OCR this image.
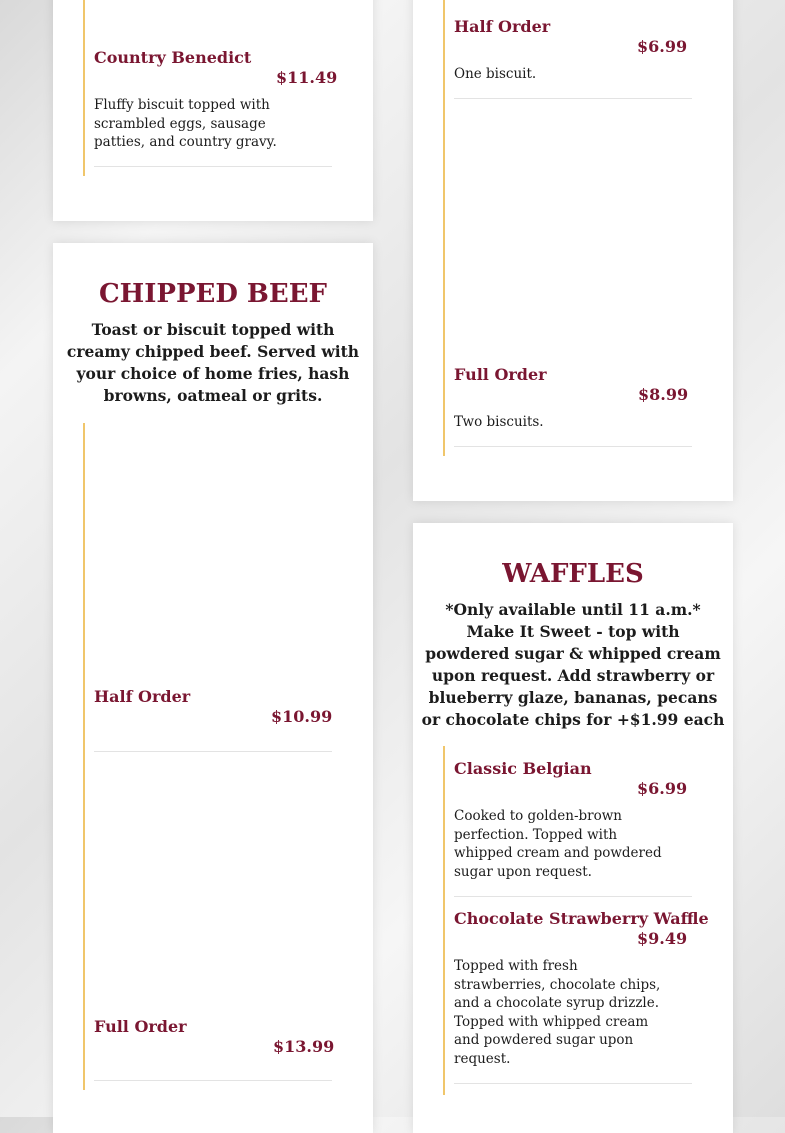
Country Benedict
$11.49
Fluffy biscuit topped with
scrambled eggs, sausage
patties, and country gravy.
CHIPPED BEEF
Toast or biscuit topped with
creamy chipped beef. Served with
your choice of home fries, hash
browns, oatmeal or grits.
Half Order
$10.99
Full Order
$13.99
Half Order
$6.99
One biscuit.
Full Order
$8.99
Two biscuits.
WAFFLES
*Only available until 11 a.m.*
Make It Sweet - top with
powdered sugar & whipped cream
upon request. Add strawberry or
blueberry glaze, bananas, pecans
or chocolate chips for +$1.99 each
Classic Belgian
$6.99
Cooked to golden-brown
perfection. Topped with
whipped cream and powdered
sugar upon request.
Chocolate Strawberry Waffle
$9.49
Topped with fresh
strawberries, chocolate chips,
and a chocolate syrup drizzle.
Topped with whipped cream
and powdered sugar upon
request.
